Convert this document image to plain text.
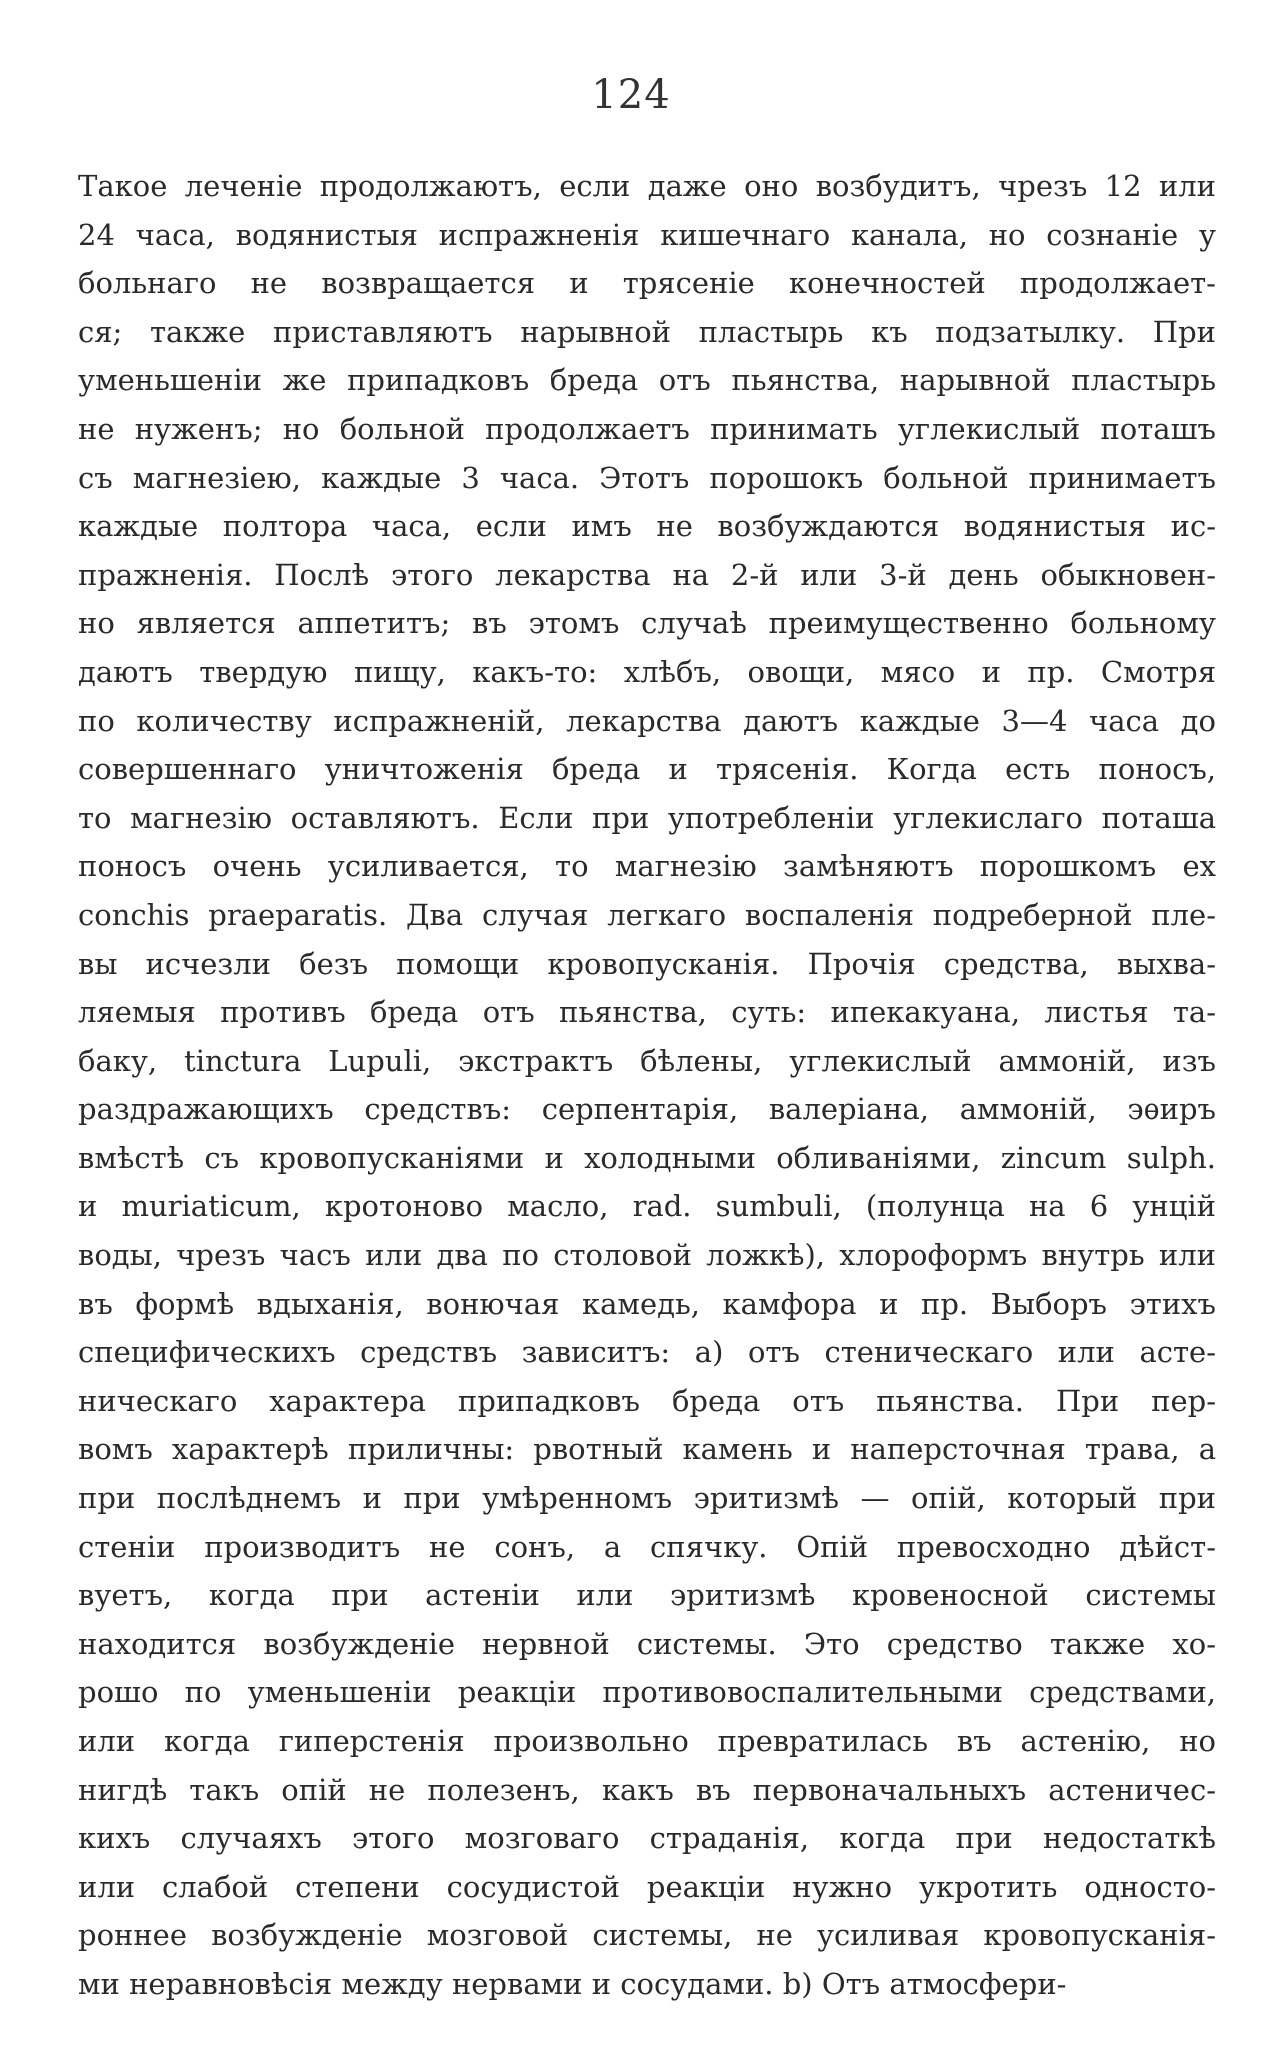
124
Такое леченіе продолжаютъ, если даже оно возбудитъ, чрезъ 12 или
24 часа, водянистыя испражненія кишечнаго канала, но сознаніе у
больнаго не возвращается и трясеніе конечностей продолжает-
ся; также приставляютъ нарывной пластырь къ подзатылку. При
уменьшеніи же припадковъ бреда отъ пьянства, нарывной пластырь
не нуженъ; но больной продолжаетъ принимать углекислый поташъ
съ магнезіею, каждые 3 часа. Этотъ порошокъ больной принимаетъ
каждые полтора часа, если имъ не возбуждаются водянистыя ис-
пражненія. Послѣ этого лекарства на 2-й или 3-й день обыкновен-
но является аппетитъ; въ этомъ случаѣ преимущественно больному
даютъ твердую пищу, какъ-то: хлѣбъ, овощи, мясо и пр. Смотря
по количеству испражненій, лекарства даютъ каждые 3—4 часа до
совершеннаго уничтоженія бреда и трясенія. Когда есть поносъ,
то магнезію оставляютъ. Если при употребленіи углекислаго поташа
поносъ очень усиливается, то магнезію замѣняютъ порошкомъ ех
conchis praeparatis. Два случая легкаго воспаленія подреберной пле-
вы исчезли безъ помощи кровопусканія. Прочія средства, выхва-
ляемыя противъ бреда отъ пьянства, суть: ипекакуана, листья та-
баку, tinctura Lupuli, экстрактъ бѣлены, углекислый аммоній, изъ
раздражающихъ средствъ: серпентарія, валеріана, аммоній, эѳиръ
вмѣстѣ съ кровопусканіями и холодными обливаніями, zincum sulph.
и muriaticum, кротоново масло, rad. sumbuli, (полунца на 6 унцій
воды, чрезъ часъ или два по столовой ложкѣ), хлороформъ внутрь или
въ формѣ вдыханія, вонючая камедь, камфора и пр. Выборъ этихъ
специфическихъ средствъ зависитъ: а) отъ стеническаго или асте-
ническаго характера припадковъ бреда отъ пьянства. При пер-
вомъ характерѣ приличны: рвотный камень и наперсточная трава, а
при послѣднемъ и при умѣренномъ эритизмѣ — опій, который при
стеніи производитъ не сонъ, а спячку. Опій превосходно дѣйст-
вуетъ, когда при астеніи или эритизмѣ кровеносной системы
находится возбужденіе нервной системы. Это средство также хо-
рошо по уменьшеніи реакціи противовоспалительными средствами,
или когда гиперстенія произвольно превратилась въ астенію, но
нигдѣ такъ опій не полезенъ, какъ въ первоначальныхъ астеничес-
кихъ случаяхъ этого мозговаго страданія, когда при недостаткѣ
или слабой степени сосудистой реакціи нужно укротить односто-
роннее возбужденіе мозговой системы, не усиливая кровопусканія-
ми неравновѣсія между нервами и сосудами. b) Отъ атмосфери-
